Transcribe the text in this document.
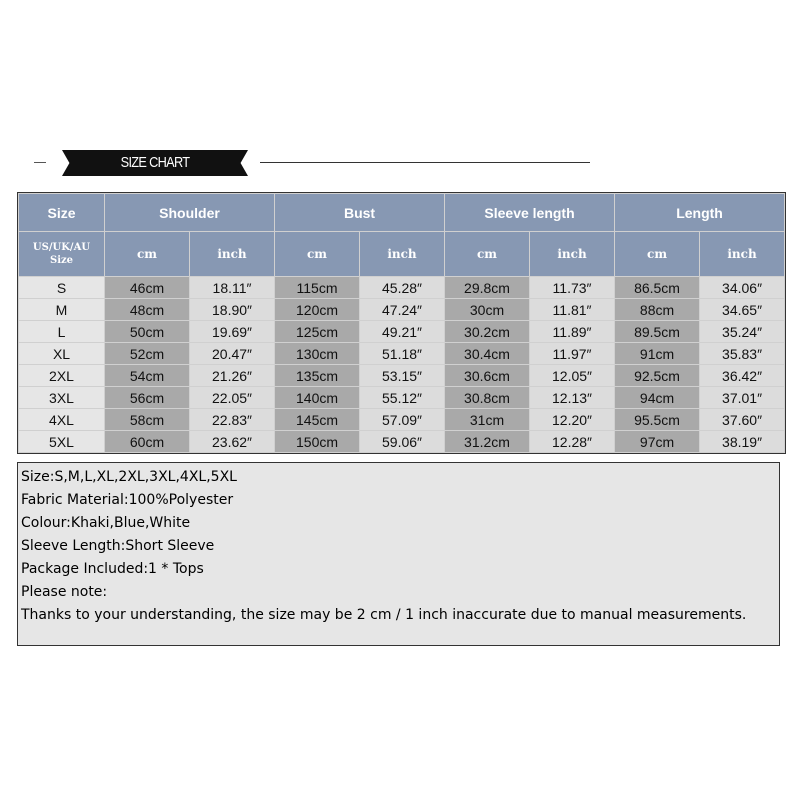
SIZE CHART
Size	Shoulder		Bust		Sleeve length		Length	
US/UK/AU
Size	cm	inch	cm	inch	cm	inch	cm	inch
S	46cm	18.11″	115cm	45.28″	29.8cm	11.73″	86.5cm	34.06″
M	48cm	18.90″	120cm	47.24″	30cm	11.81″	88cm	34.65″
L	50cm	19.69″	125cm	49.21″	30.2cm	11.89″	89.5cm	35.24″
XL	52cm	20.47″	130cm	51.18″	30.4cm	11.97″	91cm	35.83″
2XL	54cm	21.26″	135cm	53.15″	30.6cm	12.05″	92.5cm	36.42″
3XL	56cm	22.05″	140cm	55.12″	30.8cm	12.13″	94cm	37.01″
4XL	58cm	22.83″	145cm	57.09″	31cm	12.20″	95.5cm	37.60″
5XL	60cm	23.62″	150cm	59.06″	31.2cm	12.28″	97cm	38.19″
Size:S,M,L,XL,2XL,3XL,4XL,5XL
Fabric Material:100%Polyester
Colour:Khaki,Blue,White
Sleeve Length:Short Sleeve
Package Included:1 * Tops
Please note:
Thanks to your understanding, the size may be 2 cm / 1 inch inaccurate due to manual measurements.
